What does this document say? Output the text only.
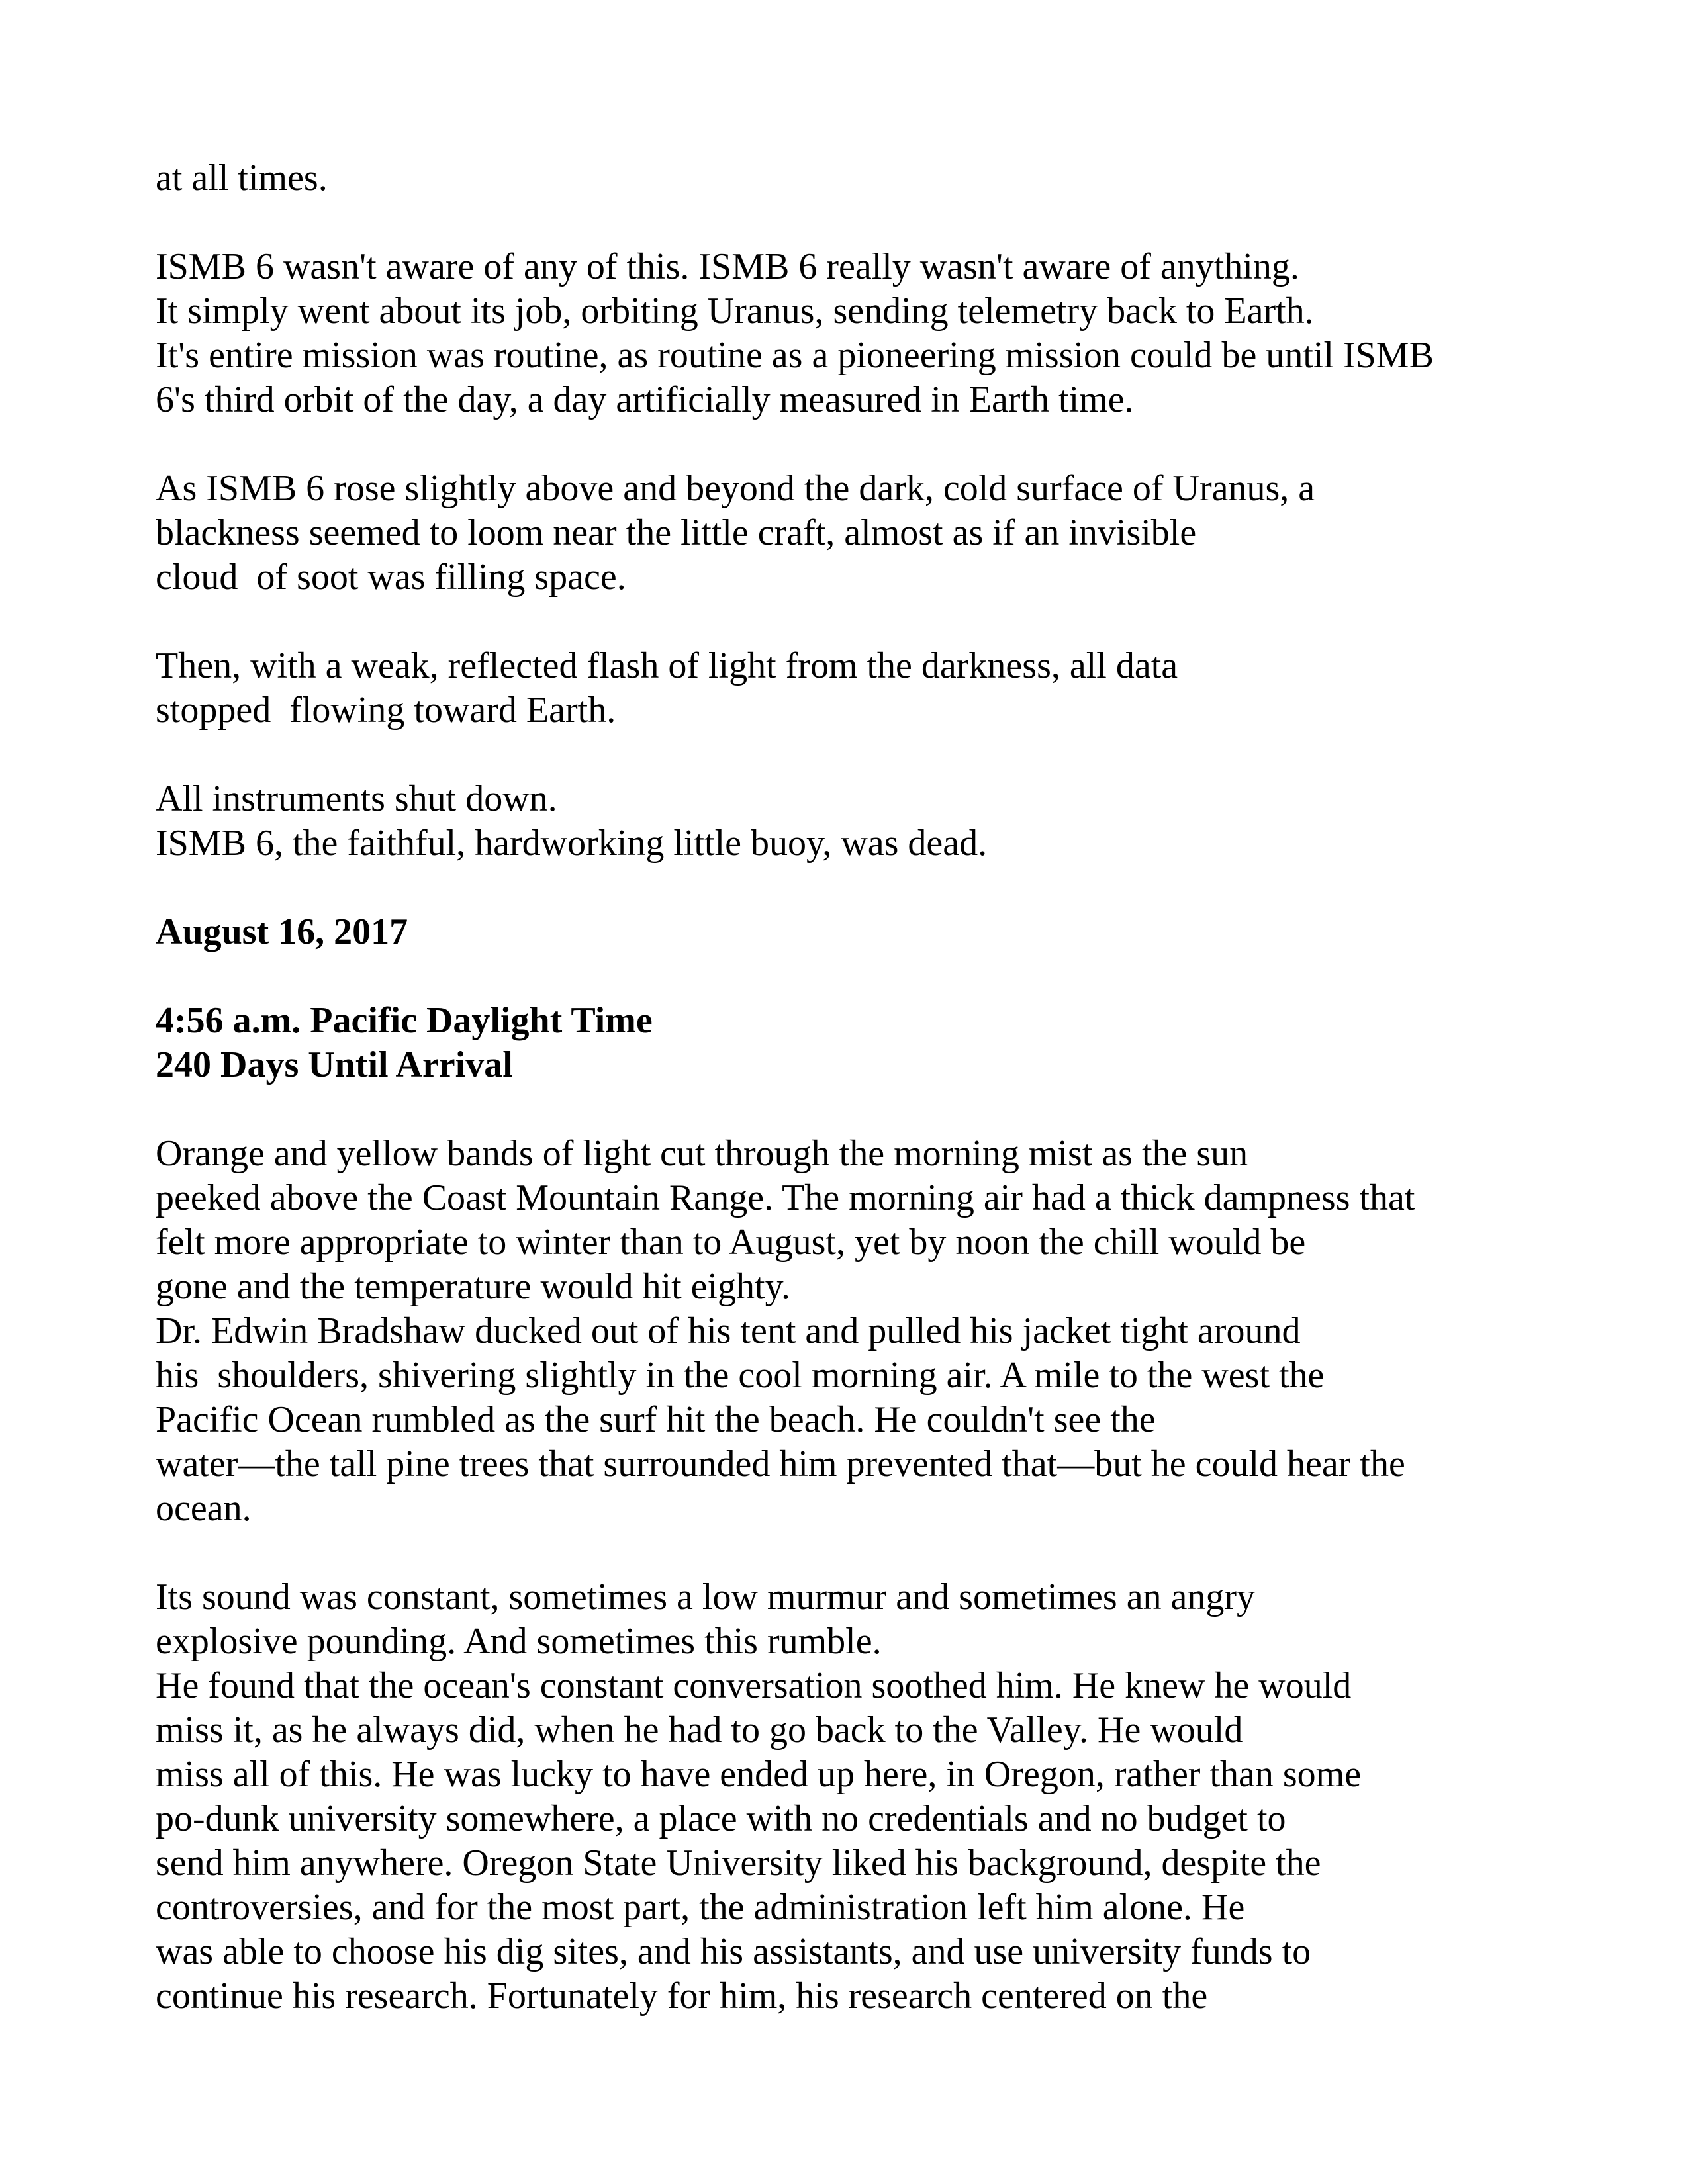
at all times.
ISMB 6 wasn't aware of any of this. ISMB 6 really wasn't aware of anything.
It simply went about its job, orbiting Uranus, sending telemetry back to Earth.
It's entire mission was routine, as routine as a pioneering mission could be until ISMB
6's third orbit of the day, a day artificially measured in Earth time.
As ISMB 6 rose slightly above and beyond the dark, cold surface of Uranus, a
blackness seemed to loom near the little craft, almost as if an invisible
cloud  of soot was filling space.
Then, with a weak, reflected flash of light from the darkness, all data
stopped  flowing toward Earth.
All instruments shut down.
ISMB 6, the faithful, hardworking little buoy, was dead.
August 16, 2017
4:56 a.m. Pacific Daylight Time
240 Days Until Arrival
Orange and yellow bands of light cut through the morning mist as the sun
peeked above the Coast Mountain Range. The morning air had a thick dampness that
felt more appropriate to winter than to August, yet by noon the chill would be
gone and the temperature would hit eighty.
Dr. Edwin Bradshaw ducked out of his tent and pulled his jacket tight around
his  shoulders, shivering slightly in the cool morning air. A mile to the west the
Pacific Ocean rumbled as the surf hit the beach. He couldn't see the
water—the tall pine trees that surrounded him prevented that—but he could hear the
ocean.
Its sound was constant, sometimes a low murmur and sometimes an angry
explosive pounding. And sometimes this rumble.
He found that the ocean's constant conversation soothed him. He knew he would
miss it, as he always did, when he had to go back to the Valley. He would
miss all of this. He was lucky to have ended up here, in Oregon, rather than some
po-dunk university somewhere, a place with no credentials and no budget to
send him anywhere. Oregon State University liked his background, despite the
controversies, and for the most part, the administration left him alone. He
was able to choose his dig sites, and his assistants, and use university funds to
continue his research. Fortunately for him, his research centered on the
